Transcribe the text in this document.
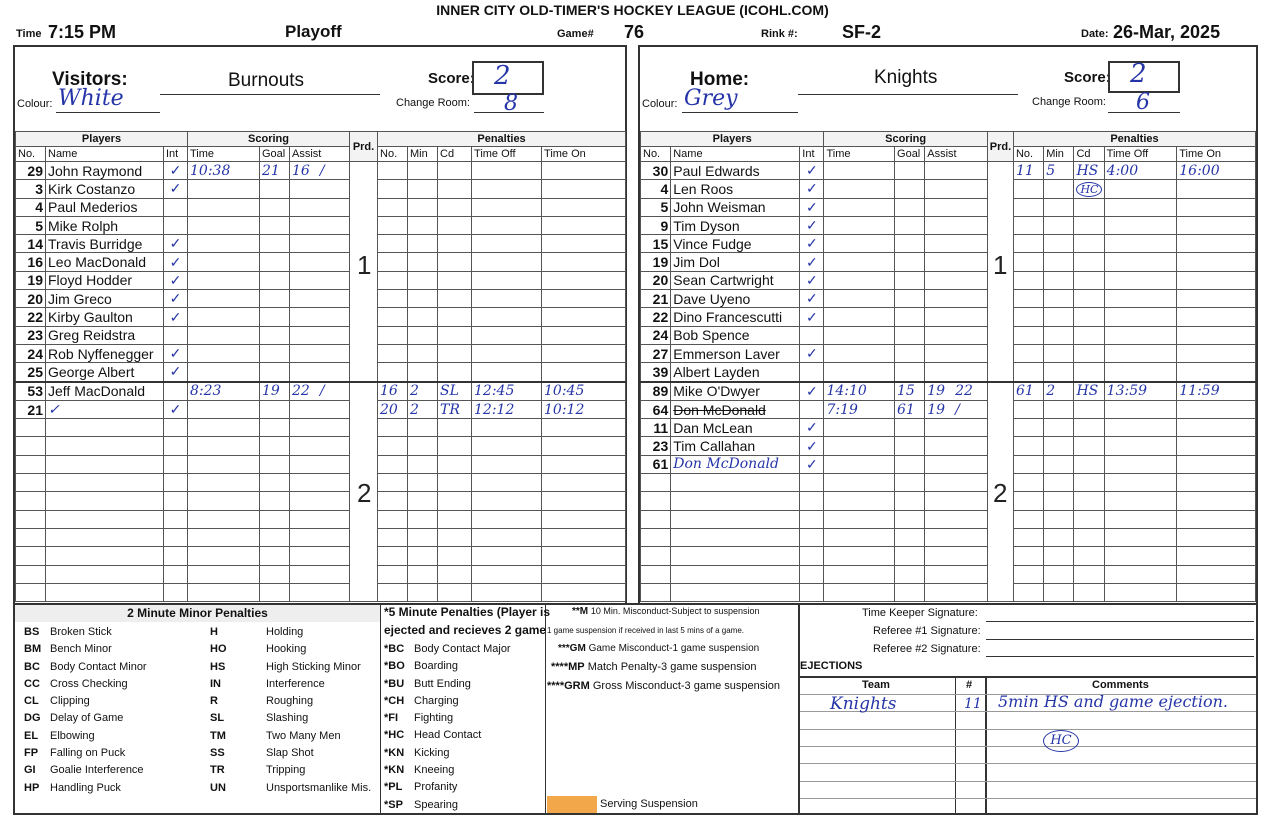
INNER CITY OLD-TIMER'S HOCKEY LEAGUE (ICOHL.COM)
Time 7:15 PM	Playoff	Game# 76	Rink #: SF-2	Date: 26-Mar, 2025
Visitors:	Burnouts
Colour: White
Score: 2
Change Room: 8
Home:	Knights
Colour: Grey
Score: 2
Change Room: 6
Players			Scoring			Prd.	Penalties				
No.	Name	Int	Time	Goal	Assist		No.	Min	Cd	Time Off	Time On
29	John Raymond	✓	10:38	21	16 /						
3	Kirk Costanzo	✓									
4	Paul Mederios										
5	Mike Rolph										
14	Travis Burridge	✓									
16	Leo MacDonald	✓									
19	Floyd Hodder	✓									
20	Jim Greco	✓									
22	Kirby Gaulton	✓									
23	Greg Reidstra										
24	Rob Nyffenegger	✓									
25	George Albert	✓									
53	Jeff MacDonald		8:23	19	22 /		16	2	SL	12:45	10:45
21	✓	✓					20	2	TR	12:12	10:12

Players			Scoring			Prd.	Penalties				
No.	Name	Int	Time	Goal	Assist		No.	Min	Cd	Time Off	Time On
30	Paul Edwards	✓					11	5	HS	4:00	16:00
4	Len Roos	✓							HC		
5	John Weisman	✓									
9	Tim Dyson	✓									
15	Vince Fudge	✓									
19	Jim Dol	✓									
20	Sean Cartwright	✓									
21	Dave Uyeno	✓									
22	Dino Francescutti	✓									
24	Bob Spence										
27	Emmerson Laver	✓									
39	Albert Layden										
89	Mike O'Dwyer	✓	14:10	15	19 22		61	2	HS	13:59	11:59
64	Don McDonald		7:19	61	19 /						
11	Dan McLean	✓									
23	Tim Callahan	✓									
61	Don McDonald	✓									

2 Minute Minor Penalties
BS Broken Stick
BM Bench Minor
BC Body Contact Minor
CC Cross Checking
CL Clipping
DG Delay of Game
EL Elbowing
FP Falling on Puck
GI Goalie Interference
HP Handling Puck
H	Holding
HO	Hooking
HS	High Sticking Minor
IN	Interference
R	Roughing
SL	Slashing
TM	Two Many Men
SS	Slap Shot
TR	Tripping
UN	Unsportsmanlike Mis.
*5 Minute Penalties (Player is
ejected and recieves 2 game
*BC Body Contact Major
*BO Boarding
*BU Butt Ending
*CH Charging
*FI Fighting
*HC Head Contact
*KN Kicking
*KN Kneeing
*PL Profanity
*SP Spearing
**M 10 Min. Misconduct-Subject to suspension
1 game suspension if received in last 5 mins of a game.
***GM Game Misconduct-1 game suspension
****MP Match Penalty-3 game suspension
****GRM Gross Misconduct-3 game suspension
Serving Suspension
Time Keeper Signature:
Referee #1 Signature:
Referee #2 Signature:
EJECTIONS
Team	#	Comments
Knights	11 5min HS and game ejection.
HC
1
2
1
2
